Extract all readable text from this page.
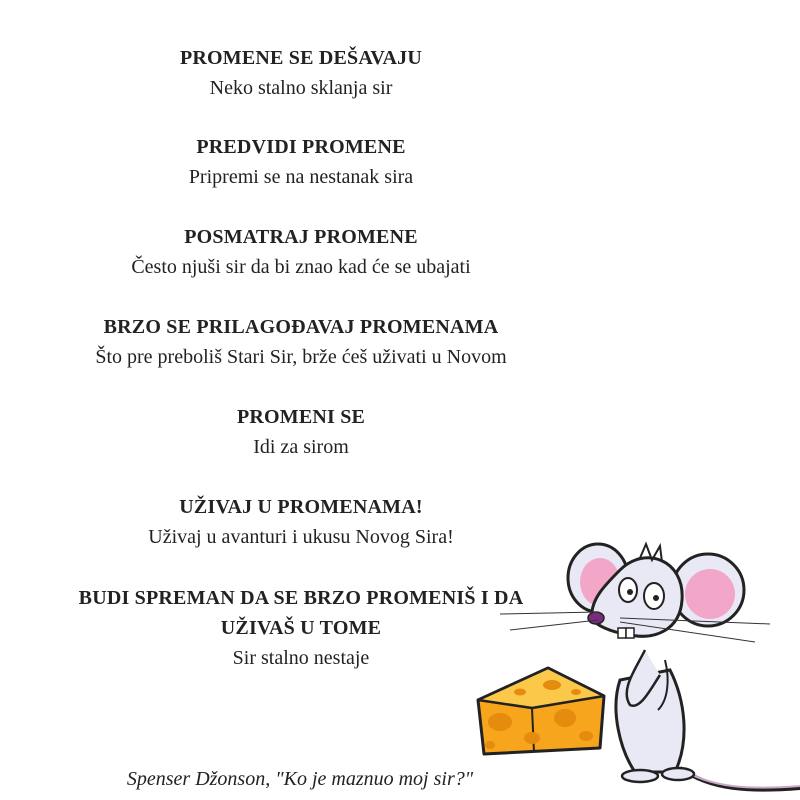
PROMENE SE DEŠAVAJU
Neko stalno sklanja sir
PREDVIDI PROMENE
Pripremi se na nestanak sira
POSMATRAJ PROMENE
Često njuši sir da bi znao kad će se ubajati
BRZO SE PRILAGOĐAVAJ PROMENAMA
Što pre preboliš Stari Sir, brže ćeš uživati u Novom
PROMENI SE
Idi za sirom
UŽIVAJ U PROMENAMA!
Uživaj u avanturi i ukusu Novog Sira!
BUDI SPREMAN DA SE BRZO PROMENIŠ I DA
UŽIVAŠ U TOME
Sir stalno nestaje
Spenser Džonson, "Ko je maznuo moj sir?"
